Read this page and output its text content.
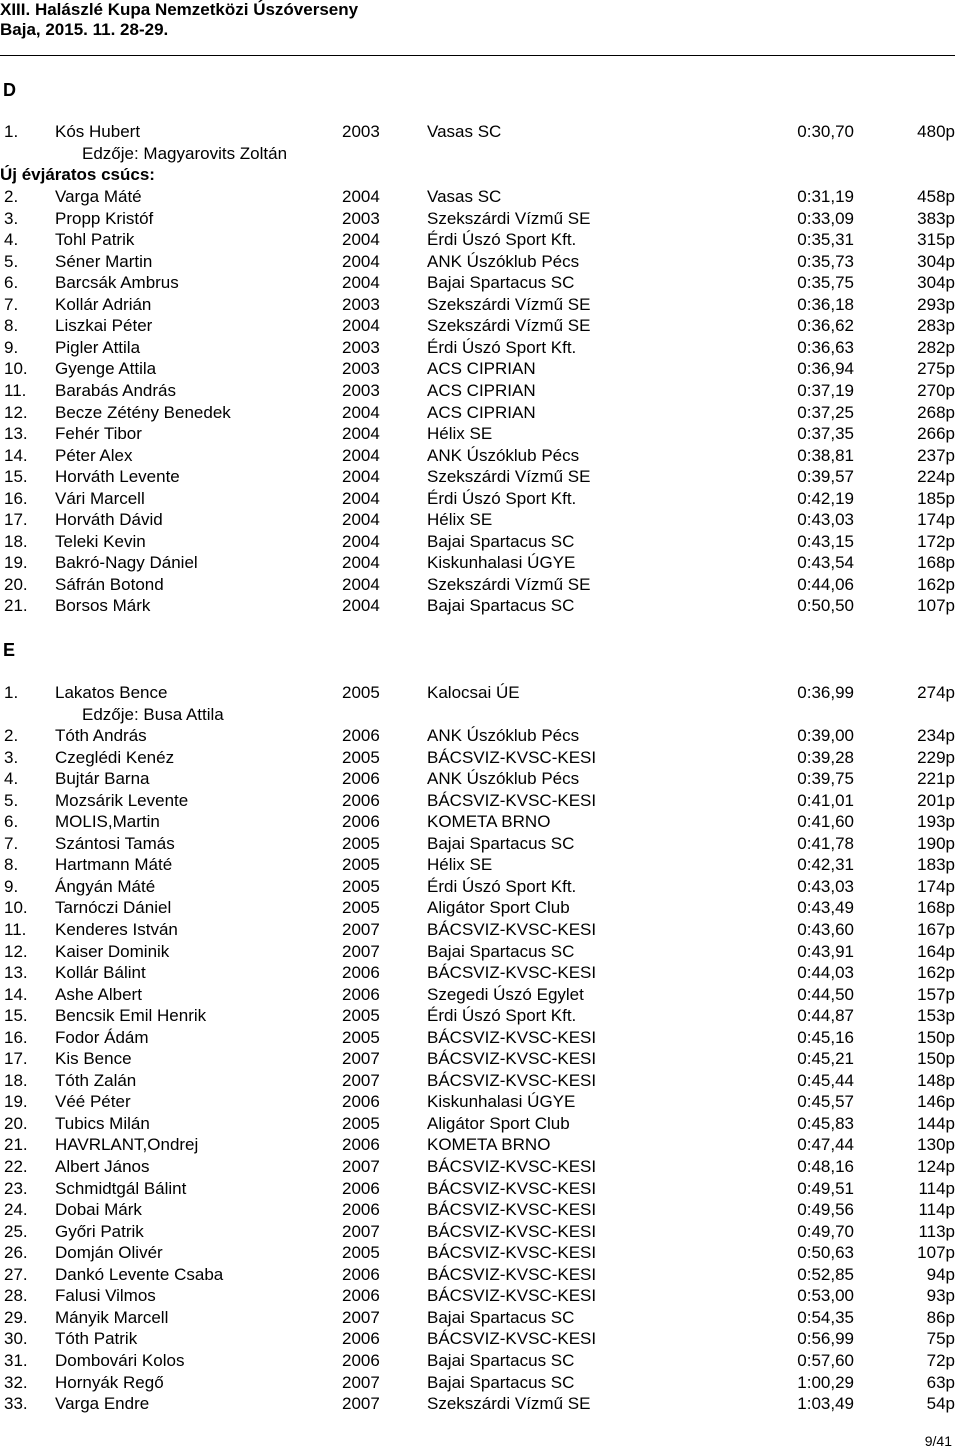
XIII. Halászlé Kupa Nemzetközi Úszóverseny
Baja, 2015. 11. 28-29.
D
1. Kós Hubert	2003	Vasas SC	0:30,70	480p
Edzője: Magyarovits Zoltán
Új évjáratos csúcs:
2. Varga Máté	2004	Vasas SC	0:31,19	458p
3. Propp Kristóf	2003	Szekszárdi Vízmű SE	0:33,09	383p
4. Tohl Patrik	2004	Érdi Úszó Sport Kft.	0:35,31	315p
5. Séner Martin	2004	ANK Úszóklub Pécs	0:35,73	304p
6. Barcsák Ambrus	2004	Bajai Spartacus SC	0:35,75	304p
7. Kollár Adrián	2003	Szekszárdi Vízmű SE	0:36,18	293p
8. Liszkai Péter	2004	Szekszárdi Vízmű SE	0:36,62	283p
9. Pigler Attila	2003	Érdi Úszó Sport Kft.	0:36,63	282p
10. Gyenge Attila	2003	ACS CIPRIAN	0:36,94	275p
11. Barabás András	2003	ACS CIPRIAN	0:37,19	270p
12. Becze Zétény Benedek	2004	ACS CIPRIAN	0:37,25	268p
13. Fehér Tibor	2004	Hélix SE	0:37,35	266p
14. Péter Alex	2004	ANK Úszóklub Pécs	0:38,81	237p
15. Horváth Levente	2004	Szekszárdi Vízmű SE	0:39,57	224p
16. Vári Marcell	2004	Érdi Úszó Sport Kft.	0:42,19	185p
17. Horváth Dávid	2004	Hélix SE	0:43,03	174p
18. Teleki Kevin	2004	Bajai Spartacus SC	0:43,15	172p
19. Bakró-Nagy Dániel	2004	Kiskunhalasi ÚGYE	0:43,54	168p
20. Sáfrán Botond	2004	Szekszárdi Vízmű SE	0:44,06	162p
21. Borsos Márk	2004	Bajai Spartacus SC	0:50,50	107p
E
1. Lakatos Bence	2005	Kalocsai ÚE	0:36,99	274p
Edzője: Busa Attila
2. Tóth András	2006	ANK Úszóklub Pécs	0:39,00	234p
3. Czeglédi Kenéz	2005	BÁCSVIZ-KVSC-KESI	0:39,28	229p
4. Bujtár Barna	2006	ANK Úszóklub Pécs	0:39,75	221p
5. Mozsárik Levente	2006	BÁCSVIZ-KVSC-KESI	0:41,01	201p
6. MOLIS,Martin	2006	KOMETA BRNO	0:41,60	193p
7. Szántosi Tamás	2005	Bajai Spartacus SC	0:41,78	190p
8. Hartmann Máté	2005	Hélix SE	0:42,31	183p
9. Ángyán Máté	2005	Érdi Úszó Sport Kft.	0:43,03	174p
10. Tarnóczi Dániel	2005	Aligátor Sport Club	0:43,49	168p
11. Kenderes István	2007	BÁCSVIZ-KVSC-KESI	0:43,60	167p
12. Kaiser Dominik	2007	Bajai Spartacus SC	0:43,91	164p
13. Kollár Bálint	2006	BÁCSVIZ-KVSC-KESI	0:44,03	162p
14. Ashe Albert	2006	Szegedi Úszó Egylet	0:44,50	157p
15. Bencsik Emil Henrik	2005	Érdi Úszó Sport Kft.	0:44,87	153p
16. Fodor Ádám	2005	BÁCSVIZ-KVSC-KESI	0:45,16	150p
17. Kis Bence	2007	BÁCSVIZ-KVSC-KESI	0:45,21	150p
18. Tóth Zalán	2007	BÁCSVIZ-KVSC-KESI	0:45,44	148p
19. Véé Péter	2006	Kiskunhalasi ÚGYE	0:45,57	146p
20. Tubics Milán	2005	Aligátor Sport Club	0:45,83	144p
21. HAVRLANT,Ondrej	2006	KOMETA BRNO	0:47,44	130p
22. Albert János	2007	BÁCSVIZ-KVSC-KESI	0:48,16	124p
23. Schmidtgál Bálint	2006	BÁCSVIZ-KVSC-KESI	0:49,51	114p
24. Dobai Márk	2006	BÁCSVIZ-KVSC-KESI	0:49,56	114p
25. Győri Patrik	2007	BÁCSVIZ-KVSC-KESI	0:49,70	113p
26. Domján Olivér	2005	BÁCSVIZ-KVSC-KESI	0:50,63	107p
27. Dankó Levente Csaba	2006	BÁCSVIZ-KVSC-KESI	0:52,85	94p
28. Falusi Vilmos	2006	BÁCSVIZ-KVSC-KESI	0:53,00	93p
29. Mányik Marcell	2007	Bajai Spartacus SC	0:54,35	86p
30. Tóth Patrik	2006	BÁCSVIZ-KVSC-KESI	0:56,99	75p
31. Dombovári Kolos	2006	Bajai Spartacus SC	0:57,60	72p
32. Hornyák Regő	2007	Bajai Spartacus SC	1:00,29	63p
33. Varga Endre	2007	Szekszárdi Vízmű SE	1:03,49	54p
9/41
